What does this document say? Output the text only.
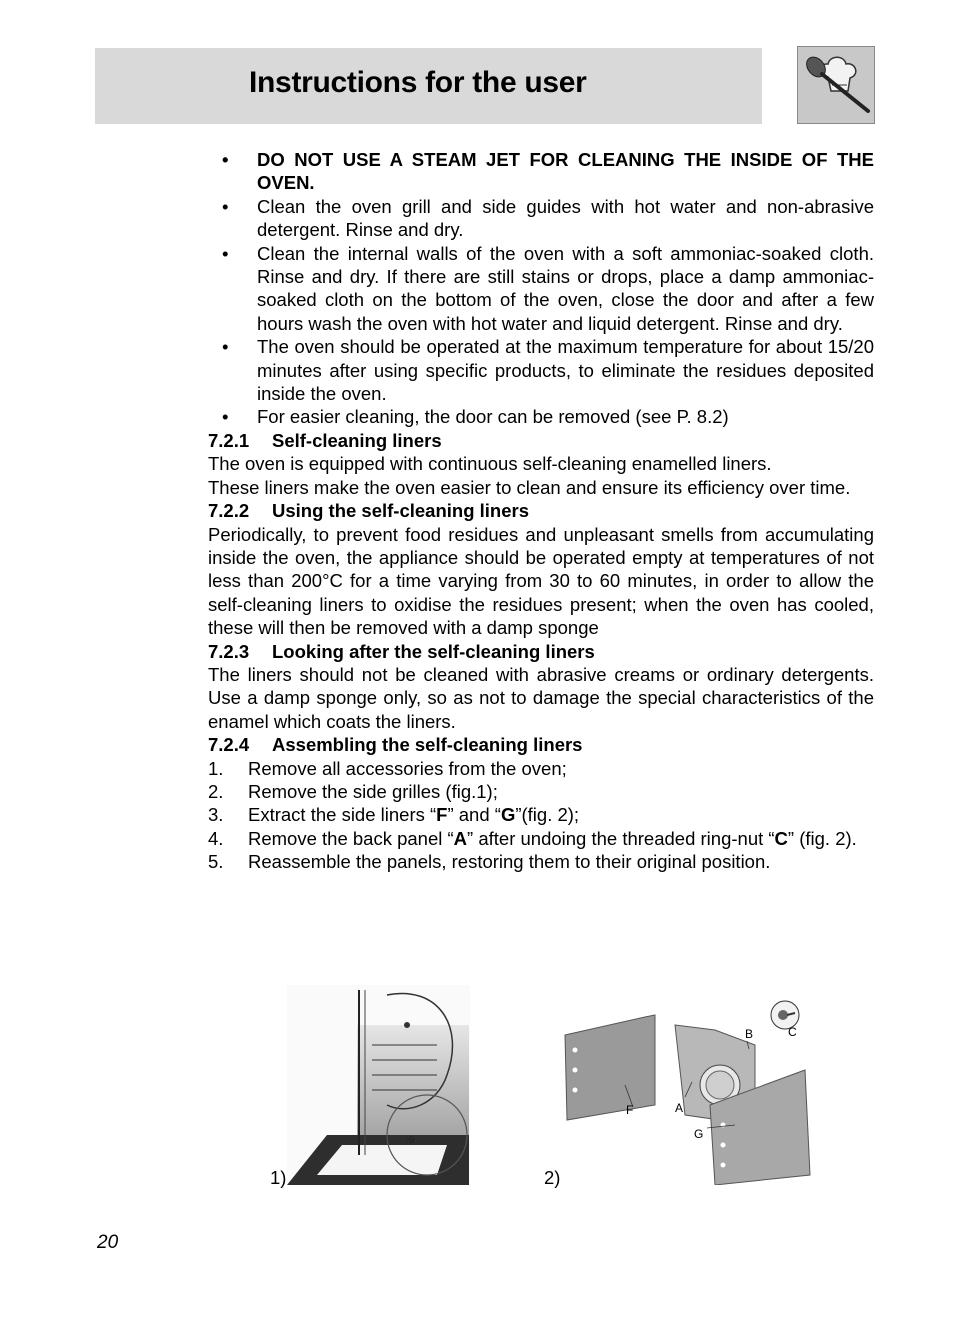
Instructions for the user
• DO NOT USE A STEAM JET FOR CLEANING THE INSIDE OF THE OVEN.
• Clean the oven grill and side guides with hot water and non-abrasive detergent. Rinse and dry.
• Clean the internal walls of the oven with a soft ammoniac-soaked cloth. Rinse and dry. If there are still stains or drops, place a damp ammoniac-soaked cloth on the bottom of the oven, close the door and after a few hours wash the oven with hot water and liquid detergent. Rinse and dry.
• The oven should be operated at the maximum temperature for about 15/20 minutes after using specific products, to eliminate the residues deposited inside the oven.
• For easier cleaning, the door can be removed (see P. 8.2)
7.2.1 Self-cleaning liners

The oven is equipped with continuous self-cleaning enamelled liners.

These liners make the oven easier to clean and ensure its efficiency over time.

7.2.2 Using the self-cleaning liners

Periodically, to prevent food residues and unpleasant smells from accumulating inside the oven, the appliance should be operated empty at temperatures of not less than 200°C for a time varying from 30 to 60 minutes, in order to allow the self-cleaning liners to oxidise the residues present; when the oven has cooled, these will then be removed with a damp sponge

7.2.3 Looking after the self-cleaning liners

The liners should not be cleaned with abrasive creams or ordinary detergents. Use a damp sponge only, so as not to damage the special characteristics of the enamel which coats the liners.

7.2.4 Assembling the self-cleaning liners
1. Remove all accessories from the oven;
2. Remove the side grilles (fig.1);
3. Extract the side liners “F” and “G”(fig. 2);
4. Remove the back panel “A” after undoing the threaded ring-nut “C” (fig. 2).
5. Reassemble the panels, restoring them to their original position.
:9
B	C
A
F
G
1)	2)
20
